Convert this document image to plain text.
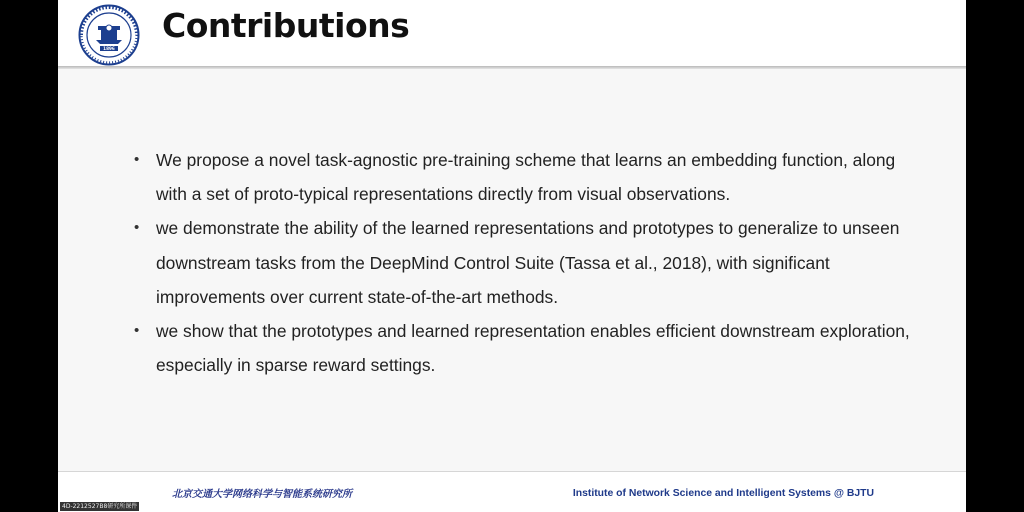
1896
Contributions
• We propose a novel task-agnostic pre-training scheme that learns an embedding function, along with a set of proto-typical representations directly from visual observations.
• we demonstrate the ability of the learned representations and prototypes to generalize to unseen downstream tasks from the DeepMind Control Suite (Tassa et al., 2018), with significant improvements over current state-of-the-art methods.
• we show that the prototypes and learned representation enables efficient downstream exploration, especially in sparse reward settings.
北京交通大学网络科学与智能系统研究所	Institute of Network Science and Intelligent Systems @ BJTU
4D-2212527B8研究所课件
